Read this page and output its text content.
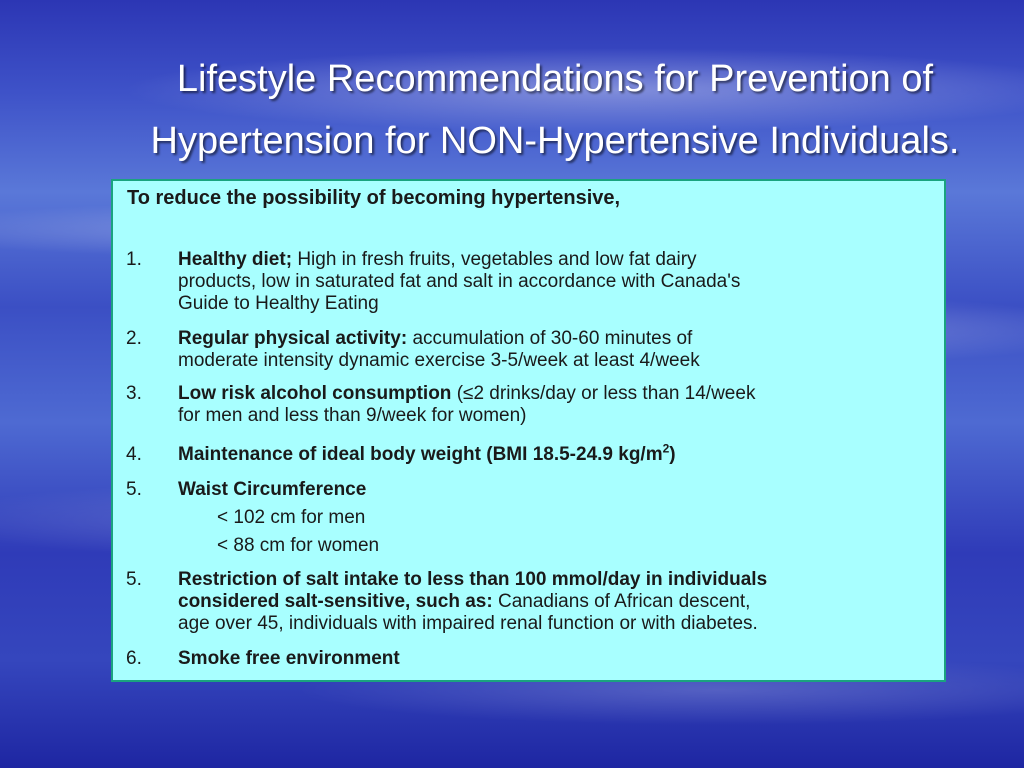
Lifestyle Recommendations for Prevention of
Hypertension for NON-Hypertensive Individuals.
To reduce the possibility of becoming hypertensive,
1.	Healthy diet; High in fresh fruits, vegetables and low fat dairy
products, low in saturated fat and salt in accordance with Canada's
Guide to Healthy Eating
2.	Regular physical activity: accumulation of 30-60 minutes of
moderate intensity dynamic exercise 3-5/week at least 4/week
3.	Low risk alcohol consumption (≤2 drinks/day or less than 14/week
for men and less than 9/week for women)
4.	Maintenance of ideal body weight (BMI 18.5-24.9 $kg/m^2$)
5.	Waist Circumference
< 102 cm for men
< 88 cm for women
5.	Restriction of salt intake to less than 100 mmol/day in individuals
considered salt-sensitive, such as: Canadians of African descent,
age over 45, individuals with impaired renal function or with diabetes.
6.	Smoke free environment
